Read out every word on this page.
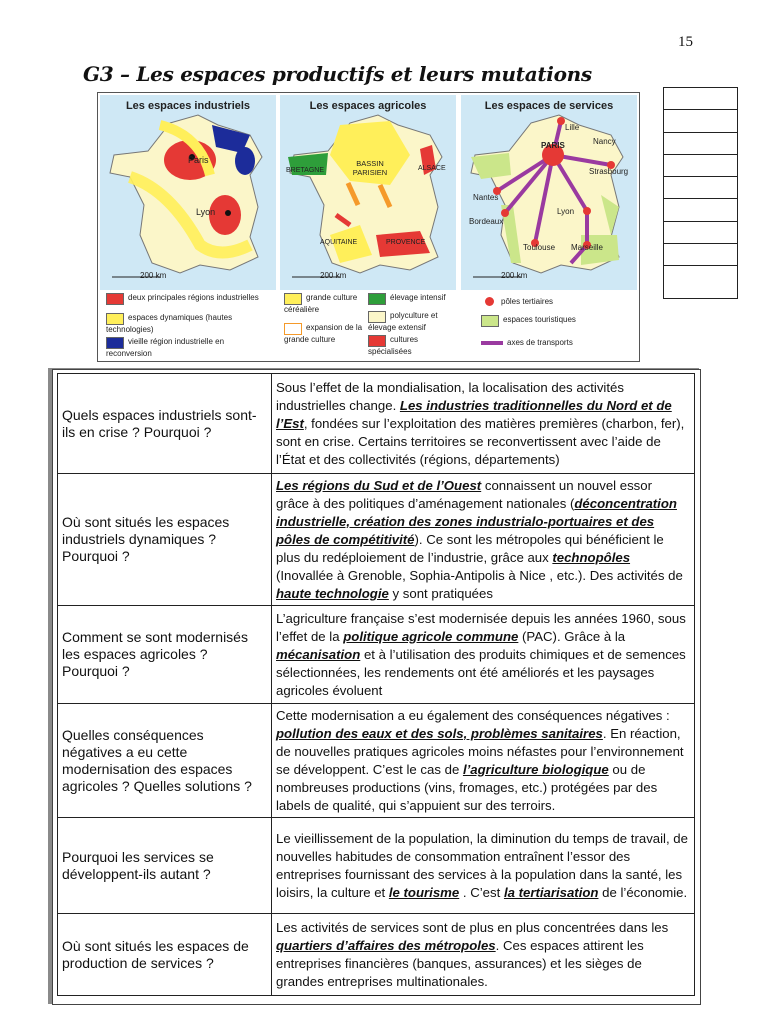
15
G3 – Les espaces productifs et leurs mutations
Les espaces industriels
Paris
Lyon
200 km
deux principales régions industrielles
espaces dynamiques (hautes technologies)
vieille région industrielle en reconversion
Les espaces agricoles
BASSIN PARISIEN
BRETAGNE	ALSACE
AQUITAINE	PROVENCE
200 km
grande culture céréalière
expansion de la grande culture
élevage intensif
polyculture et élevage extensif
cultures spécialisées
Les espaces de services
Lille
Nancy
PARIS
Strasbourg
Nantes
Bordeaux
Lyon
Toulouse Marseille
200 km
pôles tertiaires
espaces touristiques
axes de transports
Quels espaces industriels sont-ils en crise ? Pourquoi ?	Sous l’effet de la mondialisation, la localisation des activités industrielles change. Les industries traditionnelles du Nord et de l’Est, fondées sur l’exploitation des matières premières (charbon, fer), sont en crise. Certains territoires se reconvertissent avec l’aide de l’État et des collectivités (régions, départements)
Où sont situés les espaces industriels dynamiques ? Pourquoi ?	Les régions du Sud et de l’Ouest connaissent un nouvel essor grâce à des politiques d’aménagement nationales (déconcentration industrielle, création des zones industrialo-portuaires et des pôles de compétitivité). Ce sont les métropoles qui bénéficient le plus du redéploiement de l’industrie, grâce aux technopôles (Inovallée à Grenoble, Sophia-Antipolis à Nice , etc.). Des activités de haute technologie y sont pratiquées
Comment se sont modernisés les espaces agricoles ? Pourquoi ?	L’agriculture française s’est modernisée depuis les années 1960, sous l’effet de la politique agricole commune (PAC). Grâce à la mécanisation et à l’utilisation des produits chimiques et de semences sélectionnées, les rendements ont été améliorés et les paysages agricoles évoluent
Quelles conséquences négatives a eu cette modernisation des espaces agricoles ? Quelles solutions ?	Cette modernisation a eu également des conséquences négatives : pollution des eaux et des sols, problèmes sanitaires. En réaction, de nouvelles pratiques agricoles moins néfastes pour l’environnement se développent. C’est le cas de l’agriculture biologique ou de nombreuses productions (vins, fromages, etc.) protégées par des labels de qualité, qui s’appuient sur des terroirs.
Pourquoi les services se développent-ils autant ?	Le vieillissement de la population, la diminution du temps de travail, de nouvelles habitudes de consommation entraînent l’essor des entreprises fournissant des services à la population dans la santé, les loisirs, la culture et le tourisme . C’est la tertiarisation de l’économie.
Où sont situés les espaces de production de services ?	Les activités de services sont de plus en plus concentrées dans les quartiers d’affaires des métropoles. Ces espaces attirent les entreprises financières (banques, assurances) et les sièges de grandes entreprises multinationales.
